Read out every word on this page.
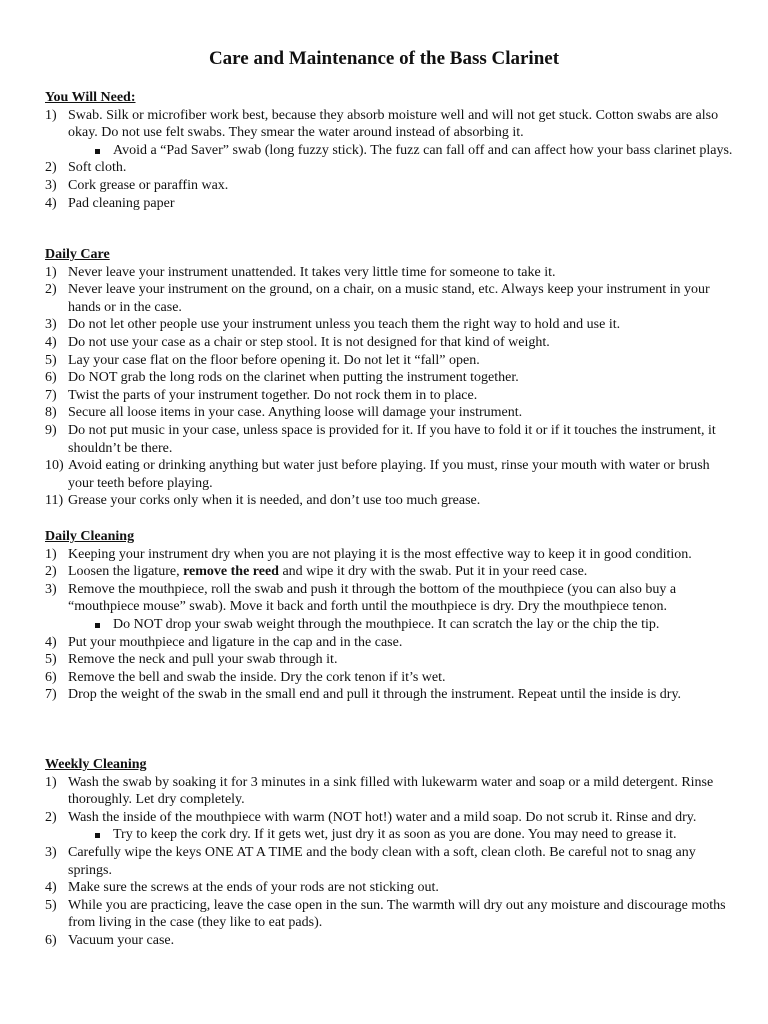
Care and Maintenance of the Bass Clarinet
You Will Need:
1) Swab. Silk or microfiber work best, because they absorb moisture well and will not get stuck. Cotton swabs are also okay. Do not use felt swabs. They smear the water around instead of absorbing it.
Avoid a “Pad Saver” swab (long fuzzy stick). The fuzz can fall off and can affect how your bass clarinet plays.
2) Soft cloth.
3) Cork grease or paraffin wax.
4) Pad cleaning paper
Daily Care
1) Never leave your instrument unattended. It takes very little time for someone to take it.
2) Never leave your instrument on the ground, on a chair, on a music stand, etc. Always keep your instrument in your hands or in the case.
3) Do not let other people use your instrument unless you teach them the right way to hold and use it.
4) Do not use your case as a chair or step stool. It is not designed for that kind of weight.
5) Lay your case flat on the floor before opening it. Do not let it “fall” open.
6) Do NOT grab the long rods on the clarinet when putting the instrument together.
7) Twist the parts of your instrument together. Do not rock them in to place.
8) Secure all loose items in your case. Anything loose will damage your instrument.
9) Do not put music in your case, unless space is provided for it. If you have to fold it or if it touches the instrument, it shouldn’t be there.
10) Avoid eating or drinking anything but water just before playing. If you must, rinse your mouth with water or brush your teeth before playing.
11) Grease your corks only when it is needed, and don’t use too much grease.
Daily Cleaning
1) Keeping your instrument dry when you are not playing it is the most effective way to keep it in good condition.
2) Loosen the ligature, remove the reed and wipe it dry with the swab. Put it in your reed case.
3) Remove the mouthpiece, roll the swab and push it through the bottom of the mouthpiece (you can also buy a “mouthpiece mouse” swab). Move it back and forth until the mouthpiece is dry. Dry the mouthpiece tenon.
Do NOT drop your swab weight through the mouthpiece. It can scratch the lay or the chip the tip.
4) Put your mouthpiece and ligature in the cap and in the case.
5) Remove the neck and pull your swab through it.
6) Remove the bell and swab the inside. Dry the cork tenon if it’s wet.
7) Drop the weight of the swab in the small end and pull it through the instrument. Repeat until the inside is dry.
Weekly Cleaning
1) Wash the swab by soaking it for 3 minutes in a sink filled with lukewarm water and soap or a mild detergent. Rinse thoroughly. Let dry completely.
2) Wash the inside of the mouthpiece with warm (NOT hot!) water and a mild soap. Do not scrub it. Rinse and dry.
Try to keep the cork dry. If it gets wet, just dry it as soon as you are done. You may need to grease it.
3) Carefully wipe the keys ONE AT A TIME and the body clean with a soft, clean cloth. Be careful not to snag any springs.
4) Make sure the screws at the ends of your rods are not sticking out.
5) While you are practicing, leave the case open in the sun. The warmth will dry out any moisture and discourage moths from living in the case (they like to eat pads).
6) Vacuum your case.
